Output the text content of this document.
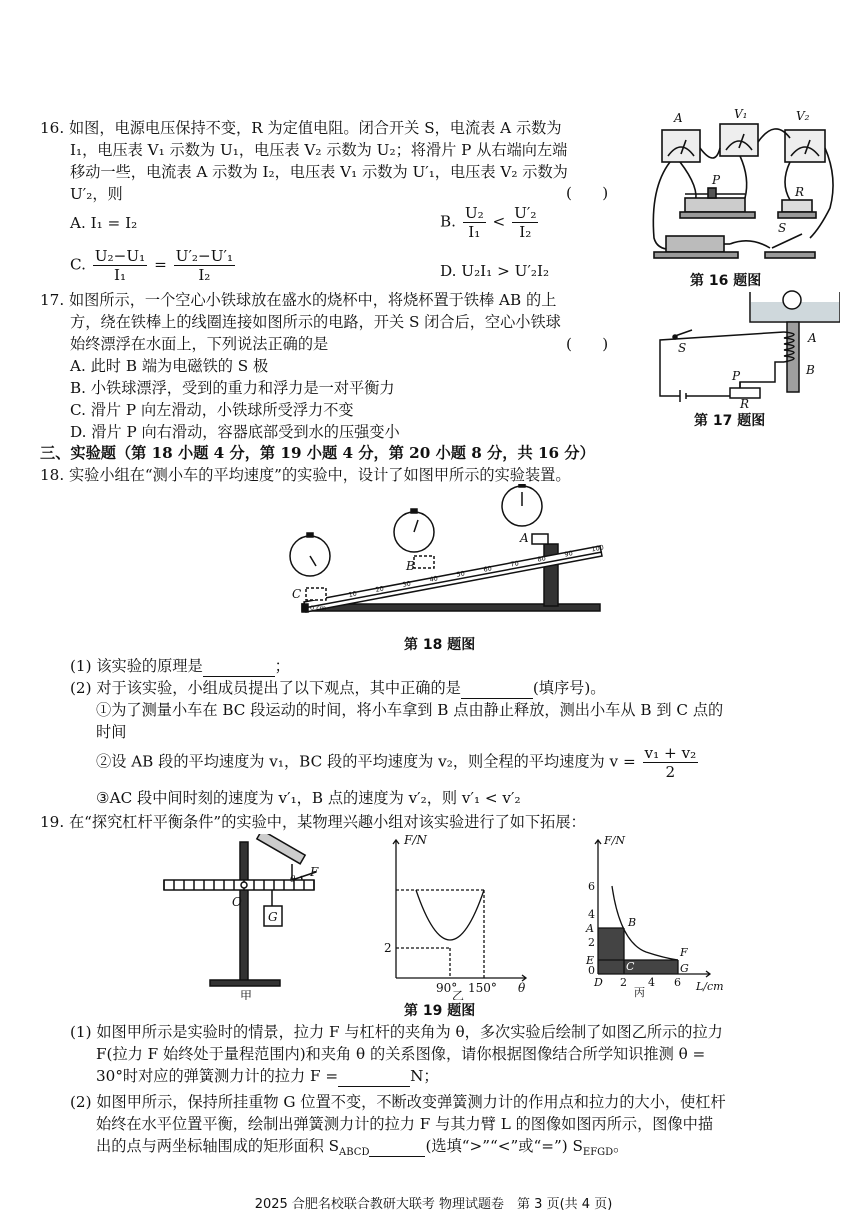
16. 如图，电源电压保持不变，R 为定值电阻。闭合开关 S，电流表 A 示数为
I₁，电压表 V₁ 示数为 U₁，电压表 V₂ 示数为 U₂；将滑片 P 从右端向左端
移动一些，电流表 A 示数为 I₂，电压表 V₁ 示数为 U′₁，电压表 V₂ 示数为
U′₂，则	(　　)
A. I₁ = I₂	B. $\frac{\text{U₂}}{\text{I₁}} < \frac{\text{U′₂}}{\text{I₂}}$
C. $\frac{\text{U₂−U₁}}{\text{I₁}} = \frac{\text{U′₂−U′₁}}{\text{I₂}}$	D. U₂I₁ > U′₂I₂
A	V₁	V₂
P
R
S
第 16 题图
17. 如图所示，一个空心小铁球放在盛水的烧杯中，将烧杯置于铁棒 AB 的上
方，绕在铁棒上的线圈连接如图所示的电路，开关 S 闭合后，空心小铁球
始终漂浮在水面上，下列说法正确的是	(　　)
A. 此时 B 端为电磁铁的 S 极
B. 小铁球漂浮，受到的重力和浮力是一对平衡力
C. 滑片 P 向左滑动，小铁球所受浮力不变
D. 滑片 P 向右滑动，容器底部受到水的压强变小
S
A
B
P
R
第 17 题图
三、实验题（第 18 小题 4 分，第 19 小题 4 分，第 20 小题 8 分，共 16 分）
18. 实验小组在“测小车的平均速度”的实验中，设计了如图甲所示的实验装置。
10
20
30
40
50
60
70
80
90
100
A
B
C
0 cm
第 18 题图
(1) 该实验的原理是	；
(2) 对于该实验，小组成员提出了以下观点，其中正确的是	(填序号)。
①为了测量小车在 BC 段运动的时间，将小车拿到 B 点由静止释放，测出小车从 B 到 C 点的
时间
②设 AB 段的平均速度为 v₁，BC 段的平均速度为 v₂，则全程的平均速度为 $v = \frac{\text{v₁ + v₂}}{2}$
③AC 段中间时刻的速度为 v′₁，B 点的速度为 v′₂，则 v′₁ < v′₂
19. 在“探究杠杆平衡条件”的实验中，某物理兴趣小组对该实验进行了如下拓展：
O
G
F
θ
甲
F/N
2
90° 150° θ
乙
F/N
6
4
2
0
2 4 6 L/cm
A	B
C
D
E
F
G
丙
第 19 题图
(1) 如图甲所示是实验时的情景，拉力 F 与杠杆的夹角为 θ，多次实验后绘制了如图乙所示的拉力
F(拉力 F 始终处于量程范围内)和夹角 θ 的关系图像，请你根据图像结合所学知识推测 θ =
30°时对应的弹簧测力计的拉力 F =	N；
(2) 如图甲所示，保持所挂重物 G 位置不变，不断改变弹簧测力计的作用点和拉力的大小，使杠杆
始终在水平位置平衡，绘制出弹簧测力计的拉力 F 与其力臂 L 的图像如图丙所示，图像中描
出的点与两坐标轴围成的矩形面积 $S_{ABCD}$	(选填“>”“<”或“=”) $S_{EFGD}$。
2025 合肥名校联合教研大联考 物理试题卷　第 3 页(共 4 页)
